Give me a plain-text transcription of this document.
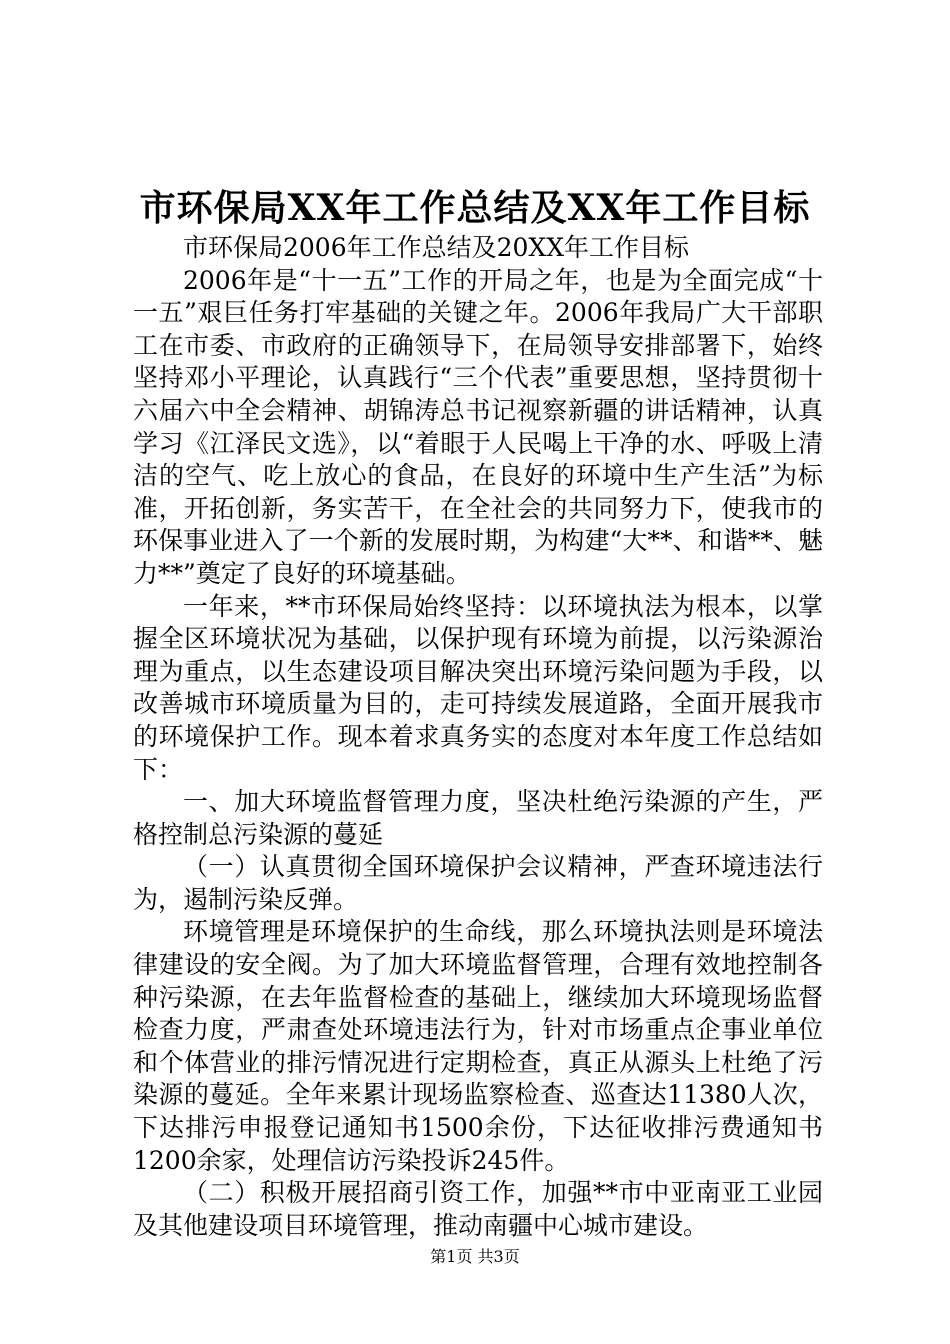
市环保局XX年工作总结及XX年工作目标

市环保局2006年工作总结及20XX年工作目标

2006年是“十一五”工作的开局之年，也是为全面完成“十一五”艰巨任务打牢基础的关键之年。2006年我局广大干部职工在市委、市政府的正确领导下，在局领导安排部署下，始终坚持邓小平理论，认真践行“三个代表”重要思想，坚持贯彻十六届六中全会精神、胡锦涛总书记视察新疆的讲话精神，认真学习《江泽民文选》，以“着眼于人民喝上干净的水、呼吸上清洁的空气、吃上放心的食品，在良好的环境中生产生活”为标准，开拓创新，务实苦干，在全社会的共同努力下，使我市的环保事业进入了一个新的发展时期，为构建“大**、和谐**、魅力**”奠定了良好的环境基础。

一年来，**市环保局始终坚持：以环境执法为根本，以掌握全区环境状况为基础，以保护现有环境为前提，以污染源治理为重点，以生态建设项目解决突出环境污染问题为手段，以改善城市环境质量为目的，走可持续发展道路，全面开展我市的环境保护工作。现本着求真务实的态度对本年度工作总结如下：

一、加大环境监督管理力度，坚决杜绝污染源的产生，严格控制总污染源的蔓延

（一）认真贯彻全国环境保护会议精神，严查环境违法行为，遏制污染反弹。

环境管理是环境保护的生命线，那么环境执法则是环境法律建设的安全阀。为了加大环境监督管理，合理有效地控制各种污染源，在去年监督检查的基础上，继续加大环境现场监督检查力度，严肃查处环境违法行为，针对市场重点企事业单位和个体营业的排污情况进行定期检查，真正从源头上杜绝了污染源的蔓延。全年来累计现场监察检查、巡查达11380人次，下达排污申报登记通知书1500余份，下达征收排污费通知书1200余家，处理信访污染投诉245件。

（二）积极开展招商引资工作，加强**市中亚南亚工业园及其他建设项目环境管理，推动南疆中心城市建设。

第1页 共3页
